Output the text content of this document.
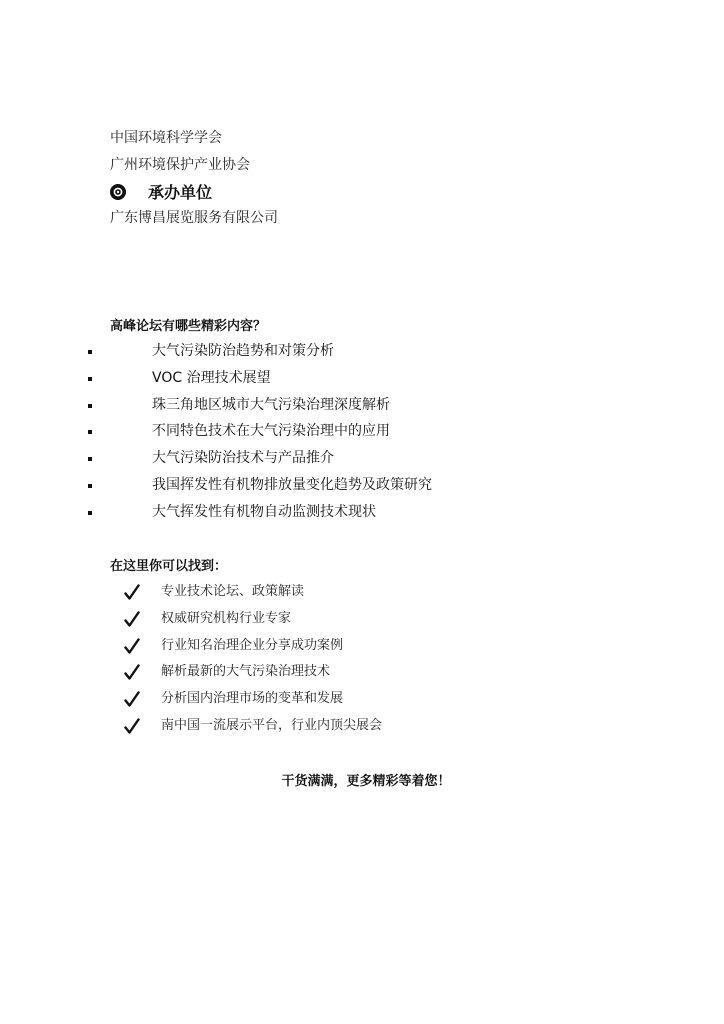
中国环境科学学会
广州环境保护产业协会
承办单位
广东博昌展览服务有限公司
高峰论坛有哪些精彩内容？
大气污染防治趋势和对策分析
VOC 治理技术展望
珠三角地区城市大气污染治理深度解析
不同特色技术在大气污染治理中的应用
大气污染防治技术与产品推介
我国挥发性有机物排放量变化趋势及政策研究
大气挥发性有机物自动监测技术现状
在这里你可以找到：
专业技术论坛、政策解读
权威研究机构行业专家
行业知名治理企业分享成功案例
解析最新的大气污染治理技术
分析国内治理市场的变革和发展
南中国一流展示平台，行业内顶尖展会
干货满满，更多精彩等着您！
